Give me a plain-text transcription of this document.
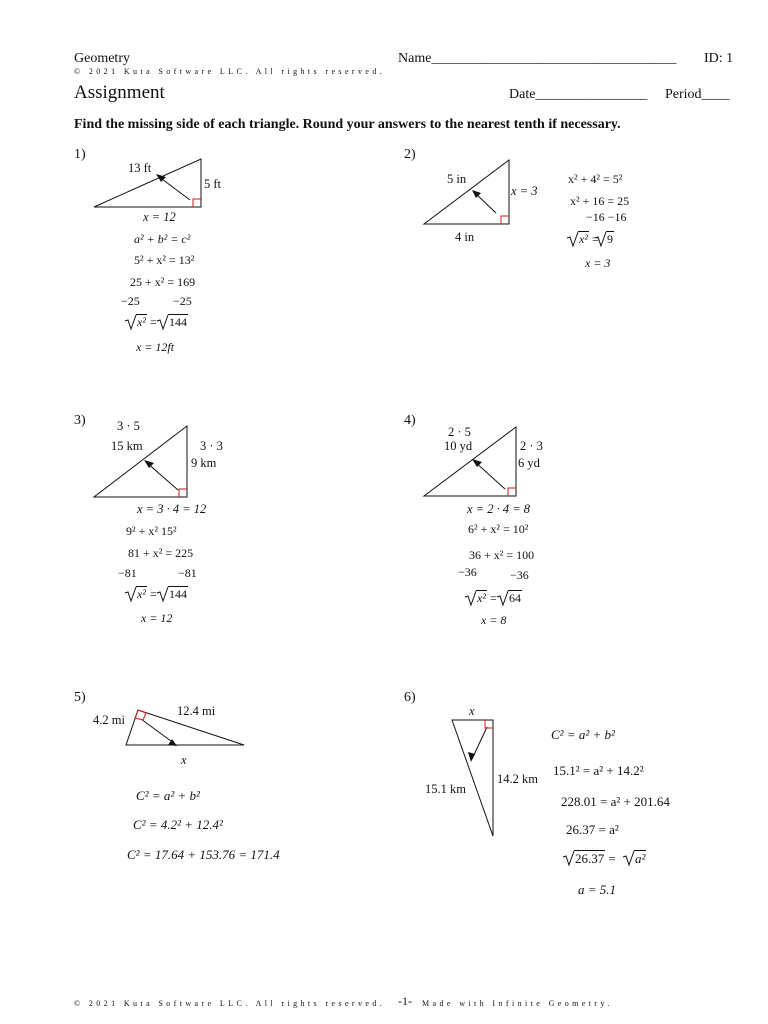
Geometry	Name___________________________________ ID: 1
© 2021 Kuta Software LLC. All rights reserved.
Assignment	Date________________ Period____
Find the missing side of each triangle. Round your answers to the nearest tenth if necessary.
1)
13 ft
5 ft
x = 12
a² + b² = c²
5² + x² = 13²
25 + x² = 169
−25	−25
x² = 144
x = 12ft
2)
5 in
x = 3
4 in
x² + 4² = 5²
x² + 16 = 25
−16 −16
x² = 9
x = 3
3)	3 · 5
15 km	3 · 3
9 km
x = 3 · 4 = 12
9² + x² 15²
81 + x² = 225
−81	−81
x² = 144
x = 12
4)
2 · 5
10 yd	2 · 3
6 yd
x = 2 · 4 = 8
6² + x² = 10²
36 + x² = 100
−36	−36
x² = 64
x = 8
5)
4.2 mi
12.4 mi
x
C² = a² + b²
C² = 4.2² + 12.4²
C² = 17.64 + 153.76 = 171.4
6)
x
15.1 km
14.2 km
C² = a² + b²
15.1² = a² + 14.2²
228.01 = a² + 201.64
26.37 = a²
26.37 = a²
a = 5.1
© 2021 Kuta Software LLC. All rights reserved. -1- Made with Infinite Geometry.
